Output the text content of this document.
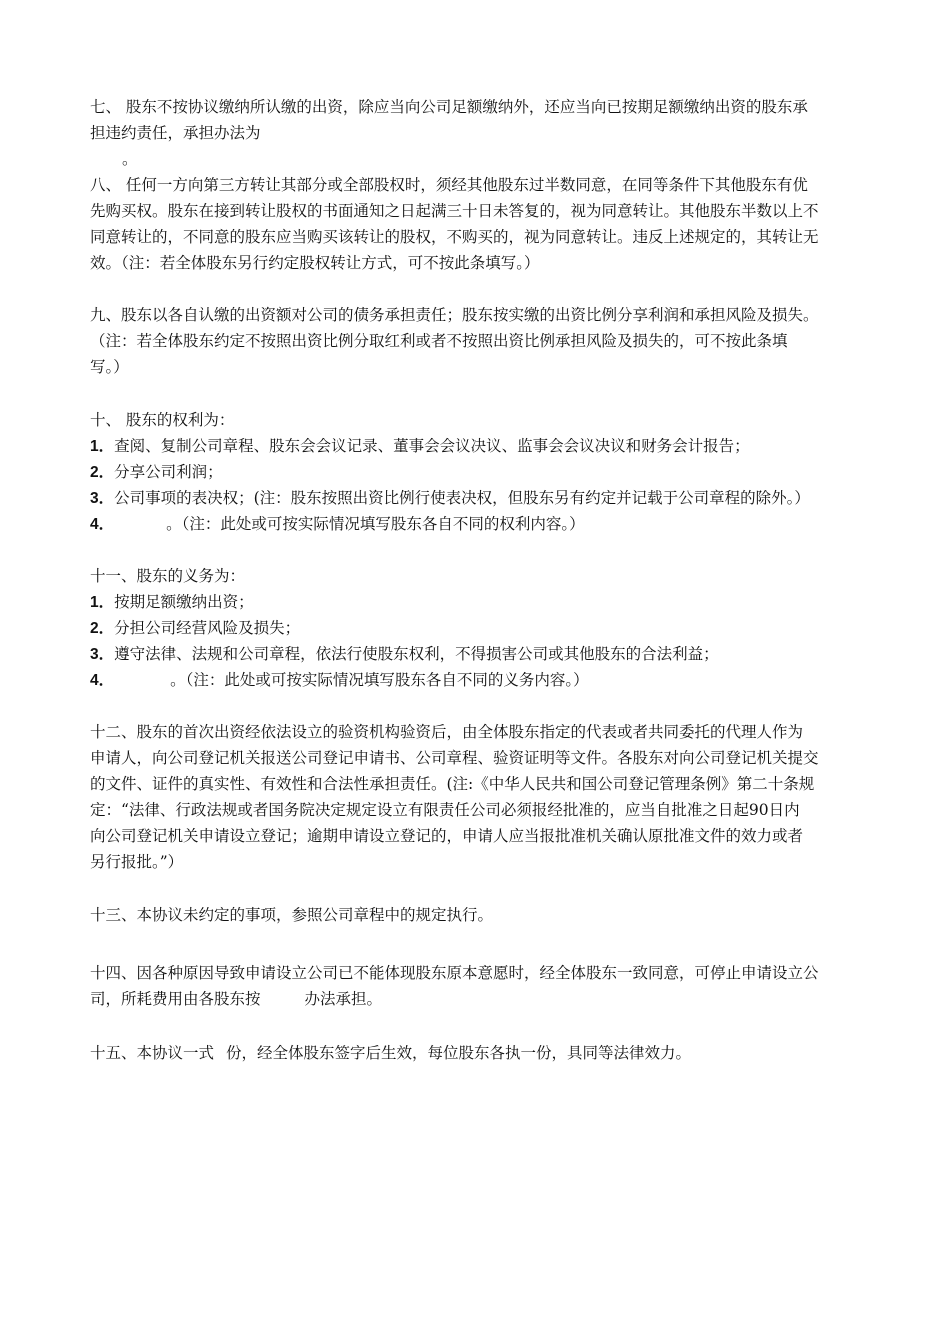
七、 股东不按协议缴纳所认缴的出资，除应当向公司足额缴纳外，还应当向已按期足额缴纳出资的股东承
担违约责任，承担办法为
。
八、 任何一方向第三方转让其部分或全部股权时，须经其他股东过半数同意，在同等条件下其他股东有优
先购买权。股东在接到转让股权的书面通知之日起满三十日未答复的，视为同意转让。其他股东半数以上不
同意转让的，不同意的股东应当购买该转让的股权，不购买的，视为同意转让。违反上述规定的，其转让无
效。（注：若全体股东另行约定股权转让方式，可不按此条填写。）
九、股东以各自认缴的出资额对公司的债务承担责任；股东按实缴的出资比例分享利润和承担风险及损失。
（注：若全体股东约定不按照出资比例分取红利或者不按照出资比例承担风险及损失的，可不按此条填
写。）
十、 股东的权利为：
1．查阅、复制公司章程、股东会会议记录、董事会会议决议、监事会会议决议和财务会计报告；
2．分享公司利润；
3．公司事项的表决权；(注：股东按照出资比例行使表决权，但股东另有约定并记载于公司章程的除外。）
4．	。（注：此处或可按实际情况填写股东各自不同的权利内容。）
十一、股东的义务为：
1．按期足额缴纳出资；
2．分担公司经营风险及损失；
3．遵守法律、法规和公司章程，依法行使股东权利，不得损害公司或其他股东的合法利益；
4．	。（注：此处或可按实际情况填写股东各自不同的义务内容。）
十二、股东的首次出资经依法设立的验资机构验资后，由全体股东指定的代表或者共同委托的代理人作为
申请人，向公司登记机关报送公司登记申请书、公司章程、验资证明等文件。各股东对向公司登记机关提交
的文件、证件的真实性、有效性和合法性承担责任。(注:《中华人民共和国公司登记管理条例》第二十条规
定：“法律、行政法规或者国务院决定规定设立有限责任公司必须报经批准的，应当自批准之日起90日内
向公司登记机关申请设立登记；逾期申请设立登记的，申请人应当报批准机关确认原批准文件的效力或者
另行报批。”）
十三、本协议未约定的事项，参照公司章程中的规定执行。
十四、因各种原因导致申请设立公司已不能体现股东原本意愿时，经全体股东一致同意，可停止申请设立公
司，所耗费用由各股东按	办法承担。
十五、本协议一式 份，经全体股东签字后生效，每位股东各执一份，具同等法律效力。
